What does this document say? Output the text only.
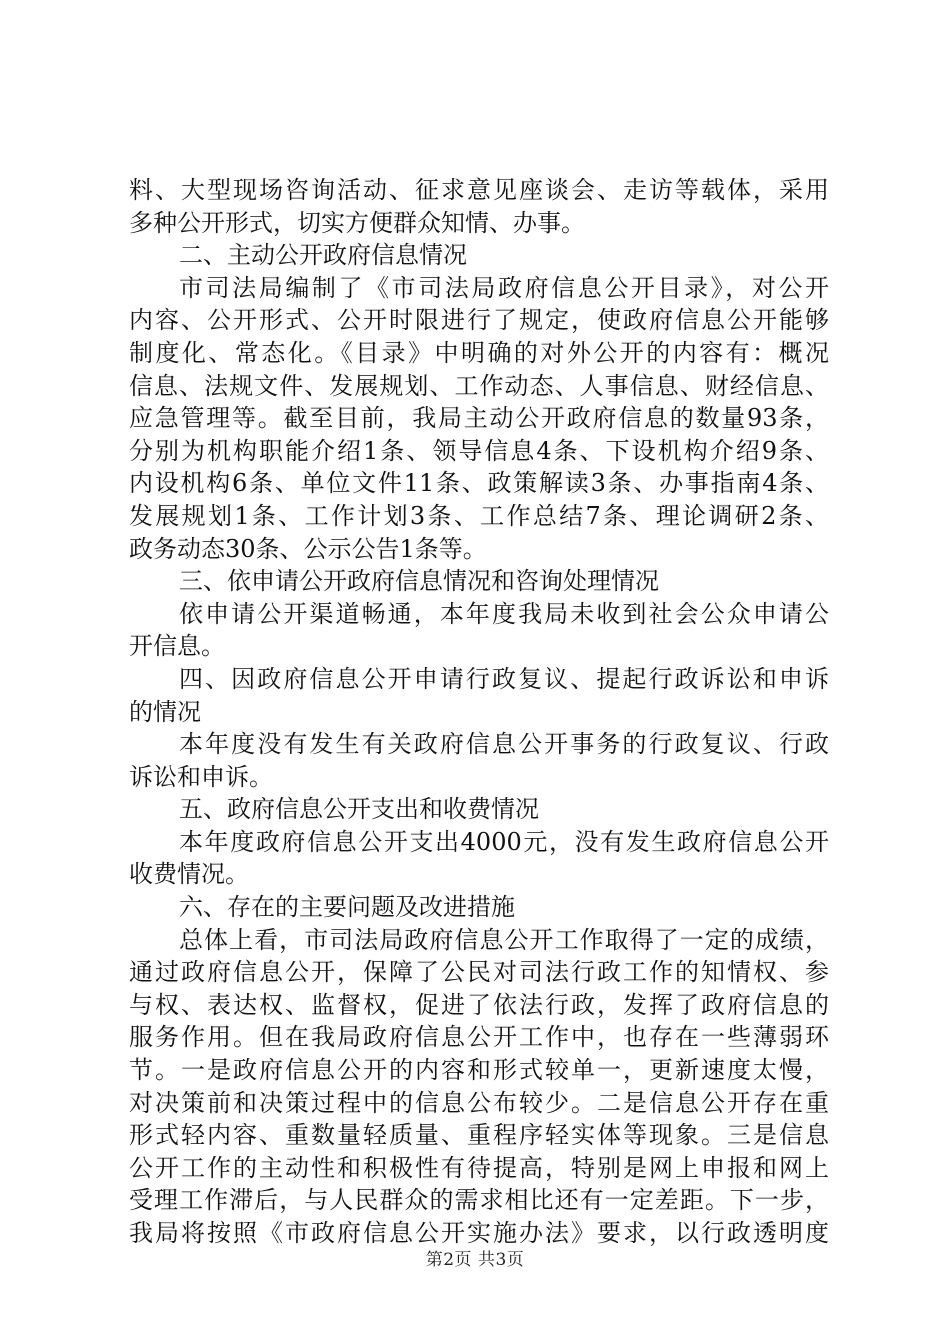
料、大型现场咨询活动、征求意见座谈会、走访等载体，采用
多种公开形式，切实方便群众知情、办事。
二、主动公开政府信息情况
市司法局编制了《市司法局政府信息公开目录》，对公开
内容、公开形式、公开时限进行了规定，使政府信息公开能够
制度化、常态化。《目录》中明确的对外公开的内容有：概况
信息、法规文件、发展规划、工作动态、人事信息、财经信息、
应急管理等。截至目前，我局主动公开政府信息的数量93条，
分别为机构职能介绍1条、领导信息4条、下设机构介绍9条、
内设机构6条、单位文件11条、政策解读3条、办事指南4条、
发展规划1条、工作计划3条、工作总结7条、理论调研2条、
政务动态30条、公示公告1条等。
三、依申请公开政府信息情况和咨询处理情况
依申请公开渠道畅通，本年度我局未收到社会公众申请公
开信息。
四、因政府信息公开申请行政复议、提起行政诉讼和申诉
的情况
本年度没有发生有关政府信息公开事务的行政复议、行政
诉讼和申诉。
五、政府信息公开支出和收费情况
本年度政府信息公开支出4000元，没有发生政府信息公开
收费情况。
六、存在的主要问题及改进措施
总体上看，市司法局政府信息公开工作取得了一定的成绩，
通过政府信息公开，保障了公民对司法行政工作的知情权、参
与权、表达权、监督权，促进了依法行政，发挥了政府信息的
服务作用。但在我局政府信息公开工作中，也存在一些薄弱环
节。一是政府信息公开的内容和形式较单一，更新速度太慢，
对决策前和决策过程中的信息公布较少。二是信息公开存在重
形式轻内容、重数量轻质量、重程序轻实体等现象。三是信息
公开工作的主动性和积极性有待提高，特别是网上申报和网上
受理工作滞后，与人民群众的需求相比还有一定差距。下一步，
我局将按照《市政府信息公开实施办法》要求，以行政透明度
第2页 共3页
